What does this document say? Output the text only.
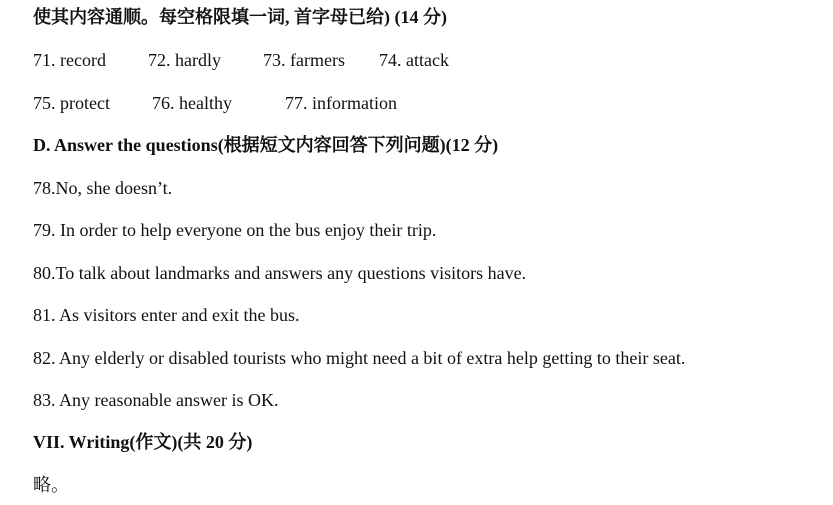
使其内容通顺。每空格限填一词, 首字母已给) (14 分)
71. record 72. hardly 73. farmers 74. attack
75. protect 76. healthy	77. information
D. Answer the questions(根据短文内容回答下列问题)(12 分)
78.No, she doesn’t.
79. In order to help everyone on the bus enjoy their trip.
80.To talk about landmarks and answers any questions visitors have.
81. As visitors enter and exit the bus.
82. Any elderly or disabled tourists who might need a bit of extra help getting to their seat.
83. Any reasonable answer is OK.
VII. Writing(作文)(共 20 分)
略。
